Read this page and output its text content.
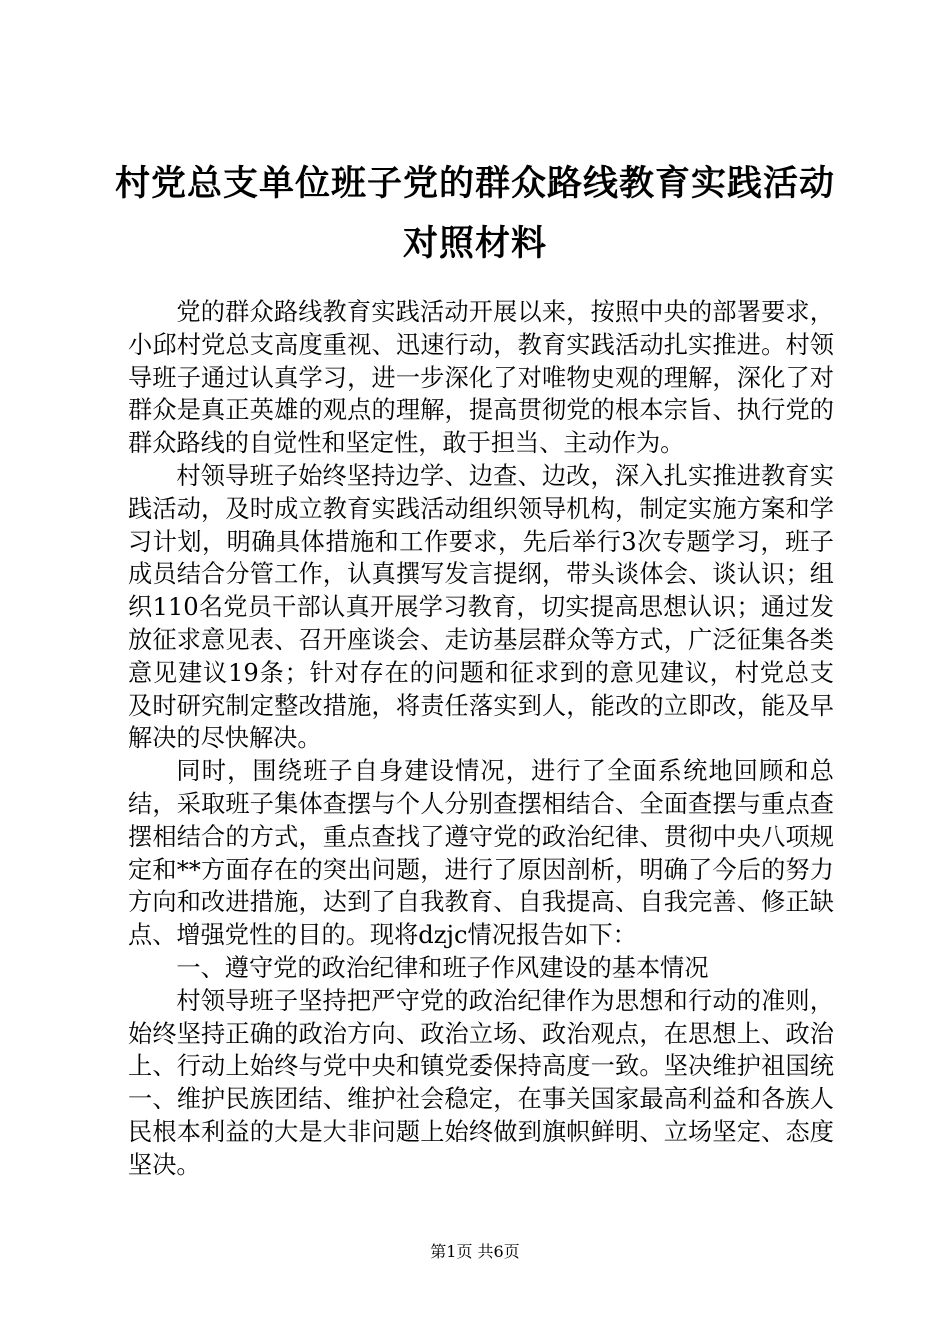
村党总支单位班子党的群众路线教育实践活动
对照材料

党的群众路线教育实践活动开展以来，按照中央的部署要求，小邱村党总支高度重视、迅速行动，教育实践活动扎实推进。村领导班子通过认真学习，进一步深化了对唯物史观的理解，深化了对群众是真正英雄的观点的理解，提高贯彻党的根本宗旨、执行党的群众路线的自觉性和坚定性，敢于担当、主动作为。

村领导班子始终坚持边学、边查、边改，深入扎实推进教育实践活动，及时成立教育实践活动组织领导机构，制定实施方案和学习计划，明确具体措施和工作要求，先后举行3次专题学习，班子成员结合分管工作，认真撰写发言提纲，带头谈体会、谈认识；组织110名党员干部认真开展学习教育，切实提高思想认识；通过发放征求意见表、召开座谈会、走访基层群众等方式，广泛征集各类意见建议19条；针对存在的问题和征求到的意见建议，村党总支及时研究制定整改措施，将责任落实到人，能改的立即改，能及早解决的尽快解决。

同时，围绕班子自身建设情况，进行了全面系统地回顾和总结，采取班子集体查摆与个人分别查摆相结合、全面查摆与重点查摆相结合的方式，重点查找了遵守党的政治纪律、贯彻中央八项规定和**方面存在的突出问题，进行了原因剖析，明确了今后的努力方向和改进措施，达到了自我教育、自我提高、自我完善、修正缺点、增强党性的目的。现将dzjc情况报告如下：

一、遵守党的政治纪律和班子作风建设的基本情况

村领导班子坚持把严守党的政治纪律作为思想和行动的准则，始终坚持正确的政治方向、政治立场、政治观点，在思想上、政治上、行动上始终与党中央和镇党委保持高度一致。坚决维护祖国统一、维护民族团结、维护社会稳定，在事关国家最高利益和各族人民根本利益的大是大非问题上始终做到旗帜鲜明、立场坚定、态度坚决。

第1页 共6页
